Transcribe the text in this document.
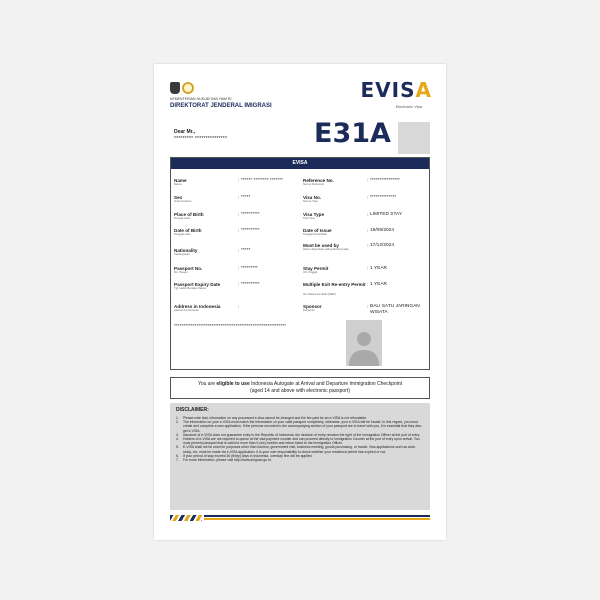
KEMENTERIAN HUKUM DAN HAM RI
DIREKTORAT JENDERAL IMIGRASI
EVISA
Electronic Visa
Dear Mr.,
********* ***************	E31A
EVISA
Name
Nama
: ****** ******** *******
Sex
Jenis Kelamin
: *****
Place of Birth
Tempat Lahir
: **********
Date of Birth
Tanggal Lahir
: **********
Nationality
Kebangsaan
: *****
Passport No.
No. Paspor
: *********
Passport Expiry Date
Tgl. Habis Berlaku Paspor
: **********
Address in Indonesia
Alamat di Indonesia
:
Reference No.
Nomor Referensi
: ****************
Visa No.
Nomor Visa
: **************
Visa Type
Tipe Visa
: LIMITED STAY
Date of Issue
Tanggal Penerbitan
: 19/09/2024
Must be used by
Harus digunakan paling lambat pada
: 17/12/2024
Stay Permit
Izin Tinggal
: 1 YEAR
Multiple Exit Re-entry Permit
Izin Masuk kembali (MER)
: 1 YEAR
Sponsor
Penjamin
: BALI SATU JARINGAN WISATA
************************************************************
You are eligible to use Indonesia Autogate at Arrival and Departure Immigration Checkpoint
(aged 14 and above with electronic passport)
DISCLAIMER:
1.	Please note that, information on any processed e-visa cannot be changed and the fee paid for an e-VISA is not refundable.
2.	The information on your e-VISA must match the information on your valid passport completely, otherwise, your e-VISA will be invalid. In this regard, you must create and complete a new application. If the persons recorded to the accompanying section of your passport are to travel with you, it is essential that they also get e-VISA.
3.	Issuance of e-VISA does not guarantee entry to the Republic of Indonesia, the decision of entry remains the right of the Immigration Officer at the port of entry.
4.	Holders of e-VISA are not required to queue at the visa payment counter and can proceed directly to Immigration Counter at the port of entry upon arrival. You must present passport that is valid for more than 6 (six) months and return ticket to the Immigration Officer.
5.	E-VISA shall not be used for purposes other than tourism, government visit, business meeting, goods purchasing, or transit. Visa applications such as work, study, etc. must be made via e-VISA application. It is your own responsibility to check whether your residence permit has expired or not.
6.	If your period of stay exceed 30 (thirty) days in Indonesia, overstay fine will be applied.
7.	For more information, please visit http://www.imigrasi.go.id.
